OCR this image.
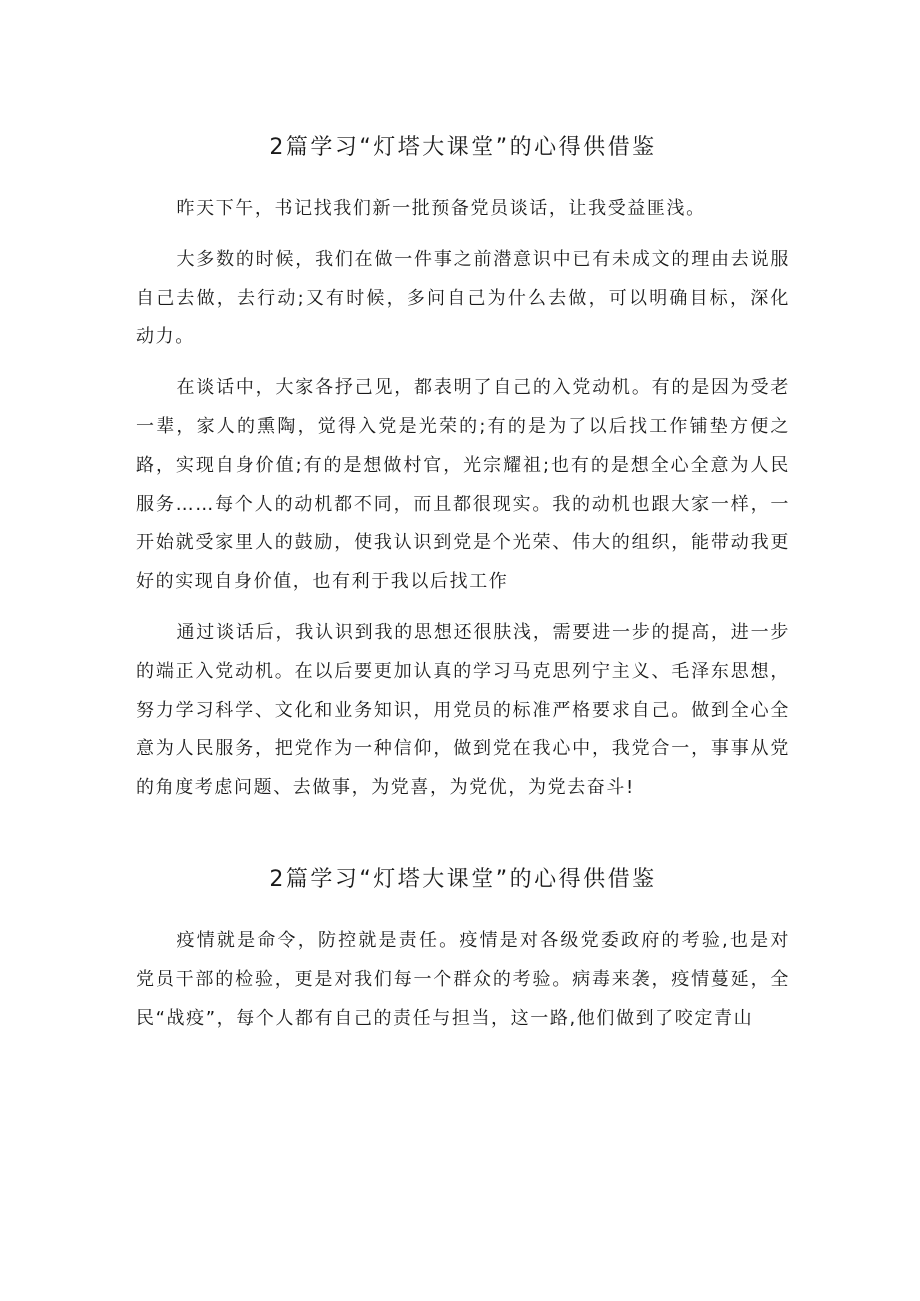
2篇学习“灯塔大课堂”的心得供借鉴

昨天下午，书记找我们新一批预备党员谈话，让我受益匪浅。

大多数的时候，我们在做一件事之前潜意识中已有未成文的理由去说服自己去做，去行动;又有时候，多问自己为什么去做，可以明确目标，深化动力。

在谈话中，大家各抒己见，都表明了自己的入党动机。有的是因为受老一辈，家人的熏陶，觉得入党是光荣的;有的是为了以后找工作铺垫方便之路，实现自身价值;有的是想做村官，光宗耀祖;也有的是想全心全意为人民服务……每个人的动机都不同，而且都很现实。我的动机也跟大家一样，一开始就受家里人的鼓励，使我认识到党是个光荣、伟大的组织，能带动我更好的实现自身价值，也有利于我以后找工作

通过谈话后，我认识到我的思想还很肤浅，需要进一步的提高，进一步的端正入党动机。在以后要更加认真的学习马克思列宁主义、毛泽东思想，努力学习科学、文化和业务知识，用党员的标准严格要求自己。做到全心全意为人民服务，把党作为一种信仰，做到党在我心中，我党合一，事事从党的角度考虑问题、去做事，为党喜，为党优，为党去奋斗!

2篇学习“灯塔大课堂”的心得供借鉴

疫情就是命令，防控就是责任。疫情是对各级党委政府的考验,也是对党员干部的检验，更是对我们每一个群众的考验。病毒来袭，疫情蔓延，全民“战疫”，每个人都有自己的责任与担当，这一路,他们做到了咬定青山
